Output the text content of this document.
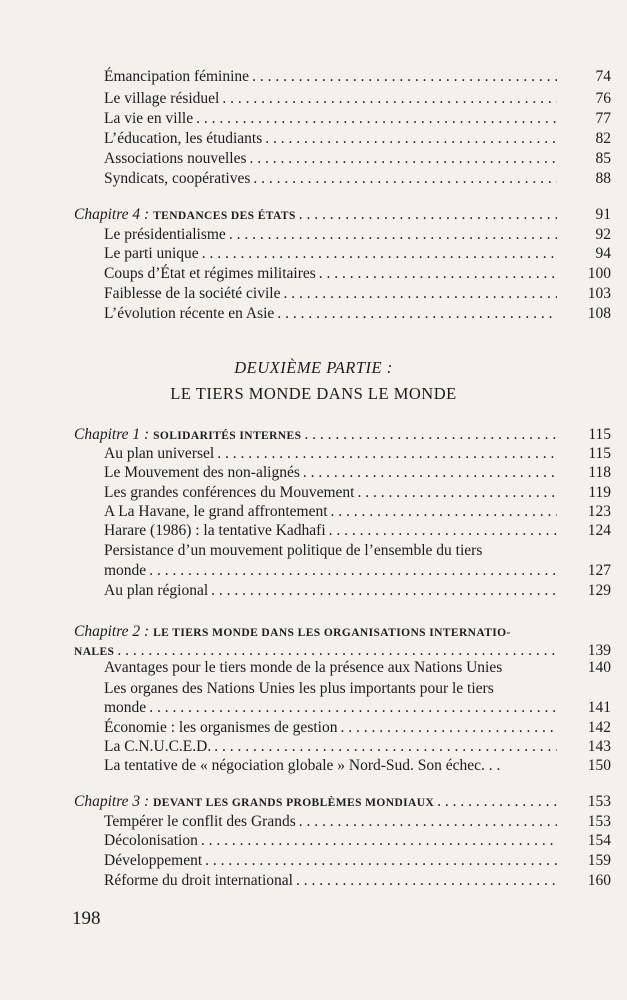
Émancipation féminine . . .	74
Le village résiduel . . .	76
La vie en ville . . .	77
L’éducation, les étudiants . . .	82
Associations nouvelles . . .	85
Syndicats, coopératives . . .	88
Chapitre 4 : TENDANCES DES ÉTATS . . .	91
Le présidentialisme . . .	92
Le parti unique . . .	94
Coups d’État et régimes militaires . . .	100
Faiblesse de la société civile . . .	103
L’évolution récente en Asie . . .	108
DEUXIÈME PARTIE :
LE TIERS MONDE DANS LE MONDE
Chapitre 1 : SOLIDARITÉS INTERNES . . .	115
Au plan universel . . .	115
Le Mouvement des non-alignés . . .	118
Les grandes conférences du Mouvement . . .	119
A La Havane, le grand affrontement . . .	123
Harare (1986) : la tentative Kadhafi . . .	124
Persistance d’un mouvement politique de l’ensemble du tiers
monde . . .	127
Au plan régional . . .	129
Chapitre 2 : LE TIERS MONDE DANS LES ORGANISATIONS INTERNATIO-
NALES . . .	139
Avantages pour le tiers monde de la présence aux Nations Unies	140
Les organes des Nations Unies les plus importants pour le tiers
monde . . .	141
Économie : les organismes de gestion . . .	142
La C.N.U.C.E.D. . . .	143
La tentative de « négociation globale » Nord-Sud. Son échec. . .	150
Chapitre 3 : DEVANT LES GRANDS PROBLÈMES MONDIAUX . . .	153
Tempérer le conflit des Grands . . .	153
Décolonisation . . .	154
Développement . . .	159
Réforme du droit international . . .	160
198
